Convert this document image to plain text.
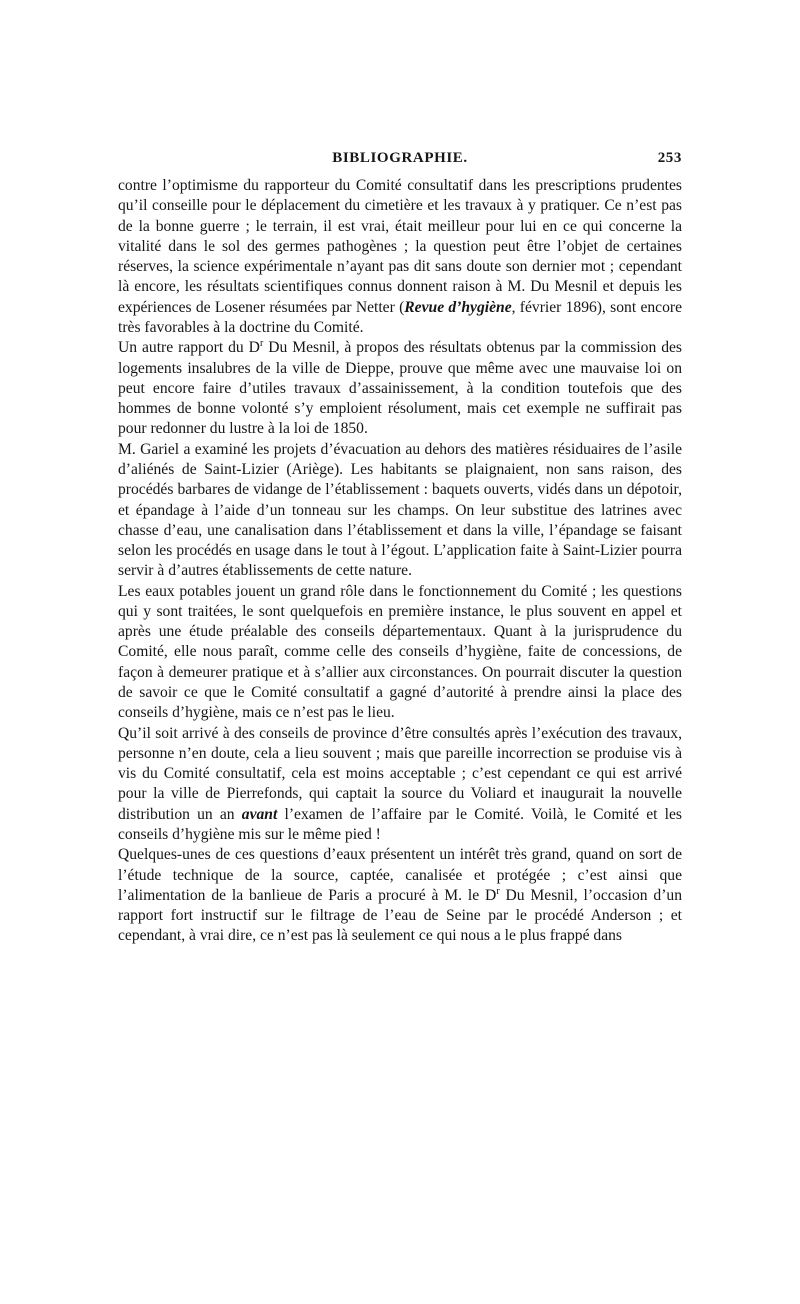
BIBLIOGRAPHIE.	253

contre l’optimisme du rapporteur du Comité consultatif dans les prescriptions prudentes qu’il conseille pour le déplacement du cimetière et les travaux à y pratiquer. Ce n’est pas de la bonne guerre ; le terrain, il est vrai, était meilleur pour lui en ce qui concerne la vitalité dans le sol des germes pathogènes ; la question peut être l’objet de certaines réserves, la science expérimentale n’ayant pas dit sans doute son dernier mot ; cependant là encore, les résultats scientifiques connus donnent raison à M. Du Mesnil et depuis les expériences de Losener résumées par Netter (Revue d’hygiène, février 1896), sont encore très favorables à la doctrine du Comité.

Un autre rapport du $D^r$ Du Mesnil, à propos des résultats obtenus par la commission des logements insalubres de la ville de Dieppe, prouve que même avec une mauvaise loi on peut encore faire d’utiles travaux d’assainissement, à la condition toutefois que des hommes de bonne volonté s’y emploient résolument, mais cet exemple ne suffirait pas pour redonner du lustre à la loi de 1850.

M. Gariel a examiné les projets d’évacuation au dehors des matières résiduaires de l’asile d’aliénés de Saint-Lizier (Ariège). Les habitants se plaignaient, non sans raison, des procédés barbares de vidange de l’établissement : baquets ouverts, vidés dans un dépotoir, et épandage à l’aide d’un tonneau sur les champs. On leur substitue des latrines avec chasse d’eau, une canalisation dans l’établissement et dans la ville, l’épandage se faisant selon les procédés en usage dans le tout à l’égout. L’application faite à Saint-Lizier pourra servir à d’autres établissements de cette nature.

Les eaux potables jouent un grand rôle dans le fonctionnement du Comité ; les questions qui y sont traitées, le sont quelquefois en première instance, le plus souvent en appel et après une étude préalable des conseils départementaux. Quant à la jurisprudence du Comité, elle nous paraît, comme celle des conseils d’hygiène, faite de concessions, de façon à demeurer pratique et à s’allier aux circonstances. On pourrait discuter la question de savoir ce que le Comité consultatif a gagné d’autorité à prendre ainsi la place des conseils d’hygiène, mais ce n’est pas le lieu.

Qu’il soit arrivé à des conseils de province d’être consultés après l’exécution des travaux, personne n’en doute, cela a lieu souvent ; mais que pareille incorrection se produise vis à vis du Comité consultatif, cela est moins acceptable ; c’est cependant ce qui est arrivé pour la ville de Pierrefonds, qui captait la source du Voliard et inaugurait la nouvelle distribution un an avant l’examen de l’affaire par le Comité. Voilà, le Comité et les conseils d’hygiène mis sur le même pied !

Quelques-unes de ces questions d’eaux présentent un intérêt très grand, quand on sort de l’étude technique de la source, captée, canalisée et protégée ; c’est ainsi que l’alimentation de la banlieue de Paris a procuré à M. le $D^r$ Du Mesnil, l’occasion d’un rapport fort instructif sur le filtrage de l’eau de Seine par le procédé Anderson ; et cependant, à vrai dire, ce n’est pas là seulement ce qui nous a le plus frappé dans
